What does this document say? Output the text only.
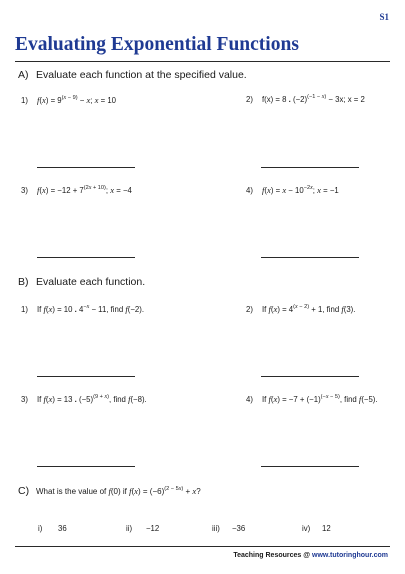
S1
Evaluating Exponential Functions
A) Evaluate each function at the specified value.
1) $f(x) = 9^{(x - 9)} - x$; x = 10	2) f(x) = 8 . $(-2)^{(-1 - x)} - 3x$; x = 2
3) $f(x) = -12 + 7^{(2x + 10)}$; x = −4	4) $f(x) = x - 10^{-2x}$; x = −1
B) Evaluate each function.
1) If f(x) = 10 . $4^{-x} - 11$, find f(−2).	2) If $f(x) = 4^{(x - 2)} + 1$, find f(3).
3) If f(x) = 13 . $(-5)^{(9 + x)}$, find f(−8).	4) If $f(x) = -7 + (-1)^{(-x - 5)}$, find f(−5).
C) What is the value of f(0) if $f(x) = (-6)^{(2 - 5x)} + x$?
i) 36	ii) −12	iii) −36	iv) 12
Teaching Resources @ www.tutoringhour.com
